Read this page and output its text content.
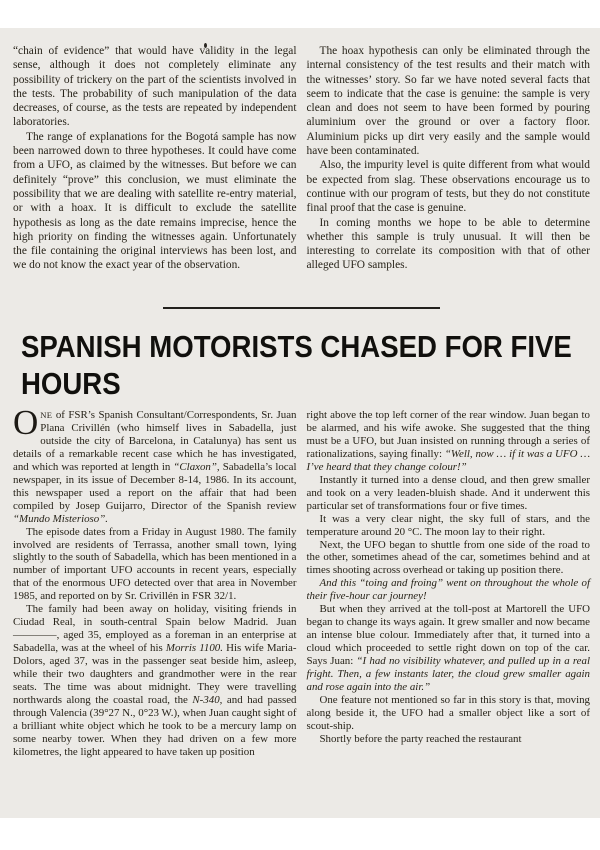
“chain of evidence” that would have validity in the legal sense, although it does not completely eliminate any possibility of trickery on the part of the scientists involved in the tests. The probability of such manipulation of the data decreases, of course, as the tests are repeated by independent laboratories.

The range of explanations for the Bogotá sample has now been narrowed down to three hypotheses. It could have come from a UFO, as claimed by the witnesses. But before we can definitely “prove” this conclusion, we must eliminate the possibility that we are dealing with satellite re-entry material, or with a hoax. It is difficult to exclude the satellite hypothesis as long as the date remains imprecise, hence the high priority on finding the witnesses again. Unfortunately the file containing the original interviews has been lost, and we do not know the exact year of the observation.

The hoax hypothesis can only be eliminated through the internal consistency of the test results and their match with the witnesses’ story. So far we have noted several facts that seem to indicate that the case is genuine: the sample is very clean and does not seem to have been formed by pouring aluminium over the ground or over a factory floor. Aluminium picks up dirt very easily and the sample would have been contaminated.

Also, the impurity level is quite different from what would be expected from slag. These observations encourage us to continue with our program of tests, but they do not constitute final proof that the case is genuine.

In coming months we hope to be able to determine whether this sample is truly unusual. It will then be interesting to correlate its composition with that of other alleged UFO samples.

SPANISH MOTORISTS CHASED FOR FIVE
HOURS

ONE of FSR’s Spanish Consultant/Correspondents, Sr. Juan Plana Crivillén (who himself lives in Sabadella, just outside the city of Barcelona, in Catalunya) has sent us details of a remarkable recent case which he has investigated, and which was reported at length in “Claxon”, Sabadella’s local newspaper, in its issue of December 8-14, 1986. In its account, this newspaper used a report on the affair that had been compiled by Josep Guijarro, Director of the Spanish review “Mundo Misterioso”.

The episode dates from a Friday in August 1980. The family involved are residents of Terrassa, another small town, lying slightly to the south of Sabadella, which has been mentioned in a number of important UFO accounts in recent years, especially that of the enormous UFO detected over that area in November 1985, and reported on by Sr. Crivillén in FSR 32/1.

The family had been away on holiday, visiting friends in Ciudad Real, in south-central Spain below Madrid. Juan ————, aged 35, employed as a foreman in an enterprise at Sabadella, was at the wheel of his Morris 1100. His wife Maria-Dolors, aged 37, was in the passenger seat beside him, asleep, while their two daughters and grandmother were in the rear seats. The time was about midnight. They were travelling northwards along the coastal road, the N-340, and had passed through Valencia (39°27 N., 0°23 W.), when Juan caught sight of a brilliant white object which he took to be a mercury lamp on some nearby tower. When they had driven on a few more kilometres, the light appeared to have taken up position

right above the top left corner of the rear window. Juan began to be alarmed, and his wife awoke. She suggested that the thing must be a UFO, but Juan insisted on running through a series of rationalizations, saying finally: “Well, now … if it was a UFO … I’ve heard that they change colour!”

Instantly it turned into a dense cloud, and then grew smaller and took on a very leaden-bluish shade. And it underwent this particular set of transformations four or five times.

It was a very clear night, the sky full of stars, and the temperature around 20 °C. The moon lay to their right.

Next, the UFO began to shuttle from one side of the road to the other, sometimes ahead of the car, sometimes behind and at times shooting across overhead or taking up position there.

And this “toing and froing” went on throughout the whole of their five-hour car journey!

But when they arrived at the toll-post at Martorell the UFO began to change its ways again. It grew smaller and now became an intense blue colour. Immediately after that, it turned into a cloud which proceeded to settle right down on top of the car. Says Juan: “I had no visibility whatever, and pulled up in a real fright. Then, a few instants later, the cloud grew smaller again and rose again into the air.”

One feature not mentioned so far in this story is that, moving along beside it, the UFO had a smaller object like a sort of scout-ship.

Shortly before the party reached the restaurant
